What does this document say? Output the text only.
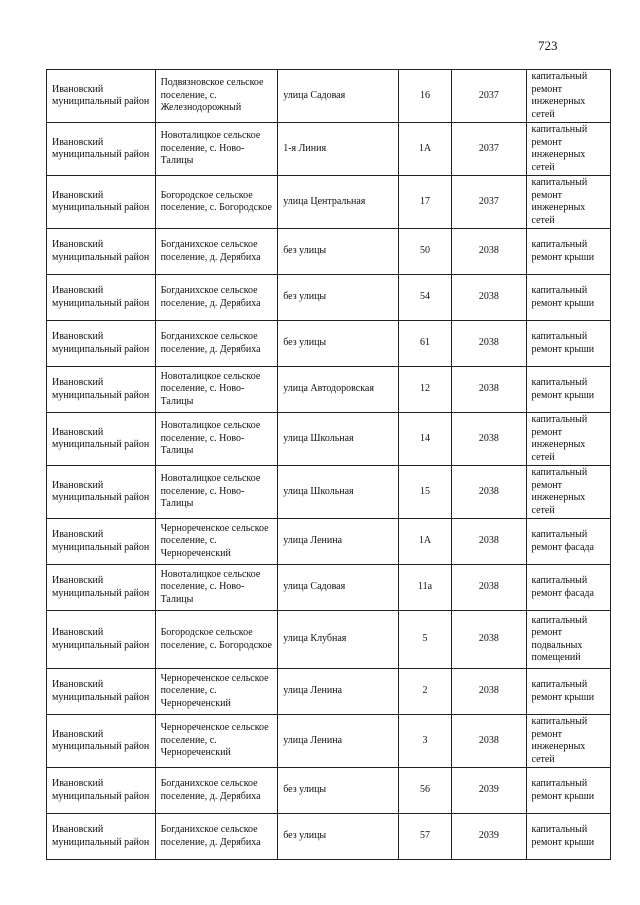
723
Ивановский муниципальный район	Подвязновское сельское поселение, с. Железнодорожный	улица Садовая	16	2037	капитальный ремонт инженерных сетей
Ивановский муниципальный район	Новоталицкое сельское поселение, с. Ново-Талицы	1-я Линия	1А	2037	капитальный ремонт инженерных сетей
Ивановский муниципальный район	Богородское сельское поселение, с. Богородское	улица Центральная	17	2037	капитальный ремонт инженерных сетей
Ивановский муниципальный район	Богданихское сельское поселение, д. Дерябиха	без улицы	50	2038	капитальный ремонт крыши
Ивановский муниципальный район	Богданихское сельское поселение, д. Дерябиха	без улицы	54	2038	капитальный ремонт крыши
Ивановский муниципальный район	Богданихское сельское поселение, д. Дерябиха	без улицы	61	2038	капитальный ремонт крыши
Ивановский муниципальный район	Новоталицкое сельское поселение, с. Ново-Талицы	улица Автодоровская	12	2038	капитальный ремонт крыши
Ивановский муниципальный район	Новоталицкое сельское поселение, с. Ново-Талицы	улица Школьная	14	2038	капитальный ремонт инженерных сетей
Ивановский муниципальный район	Новоталицкое сельское поселение, с. Ново-Талицы	улица Школьная	15	2038	капитальный ремонт инженерных сетей
Ивановский муниципальный район	Чернореченское сельское поселение, с. Чернореченский	улица Ленина	1А	2038	капитальный ремонт фасада
Ивановский муниципальный район	Новоталицкое сельское поселение, с. Ново-Талицы	улица Садовая	11а	2038	капитальный ремонт фасада
Ивановский муниципальный район	Богородское сельское поселение, с. Богородское	улица Клубная	5	2038	капитальный ремонт подвальных помещений
Ивановский муниципальный район	Чернореченское сельское поселение, с. Чернореченский	улица Ленина	2	2038	капитальный ремонт крыши
Ивановский муниципальный район	Чернореченское сельское поселение, с. Чернореченский	улица Ленина	3	2038	капитальный ремонт инженерных сетей
Ивановский муниципальный район	Богданихское сельское поселение, д. Дерябиха	без улицы	56	2039	капитальный ремонт крыши
Ивановский муниципальный район	Богданихское сельское поселение, д. Дерябиха	без улицы	57	2039	капитальный ремонт крыши
